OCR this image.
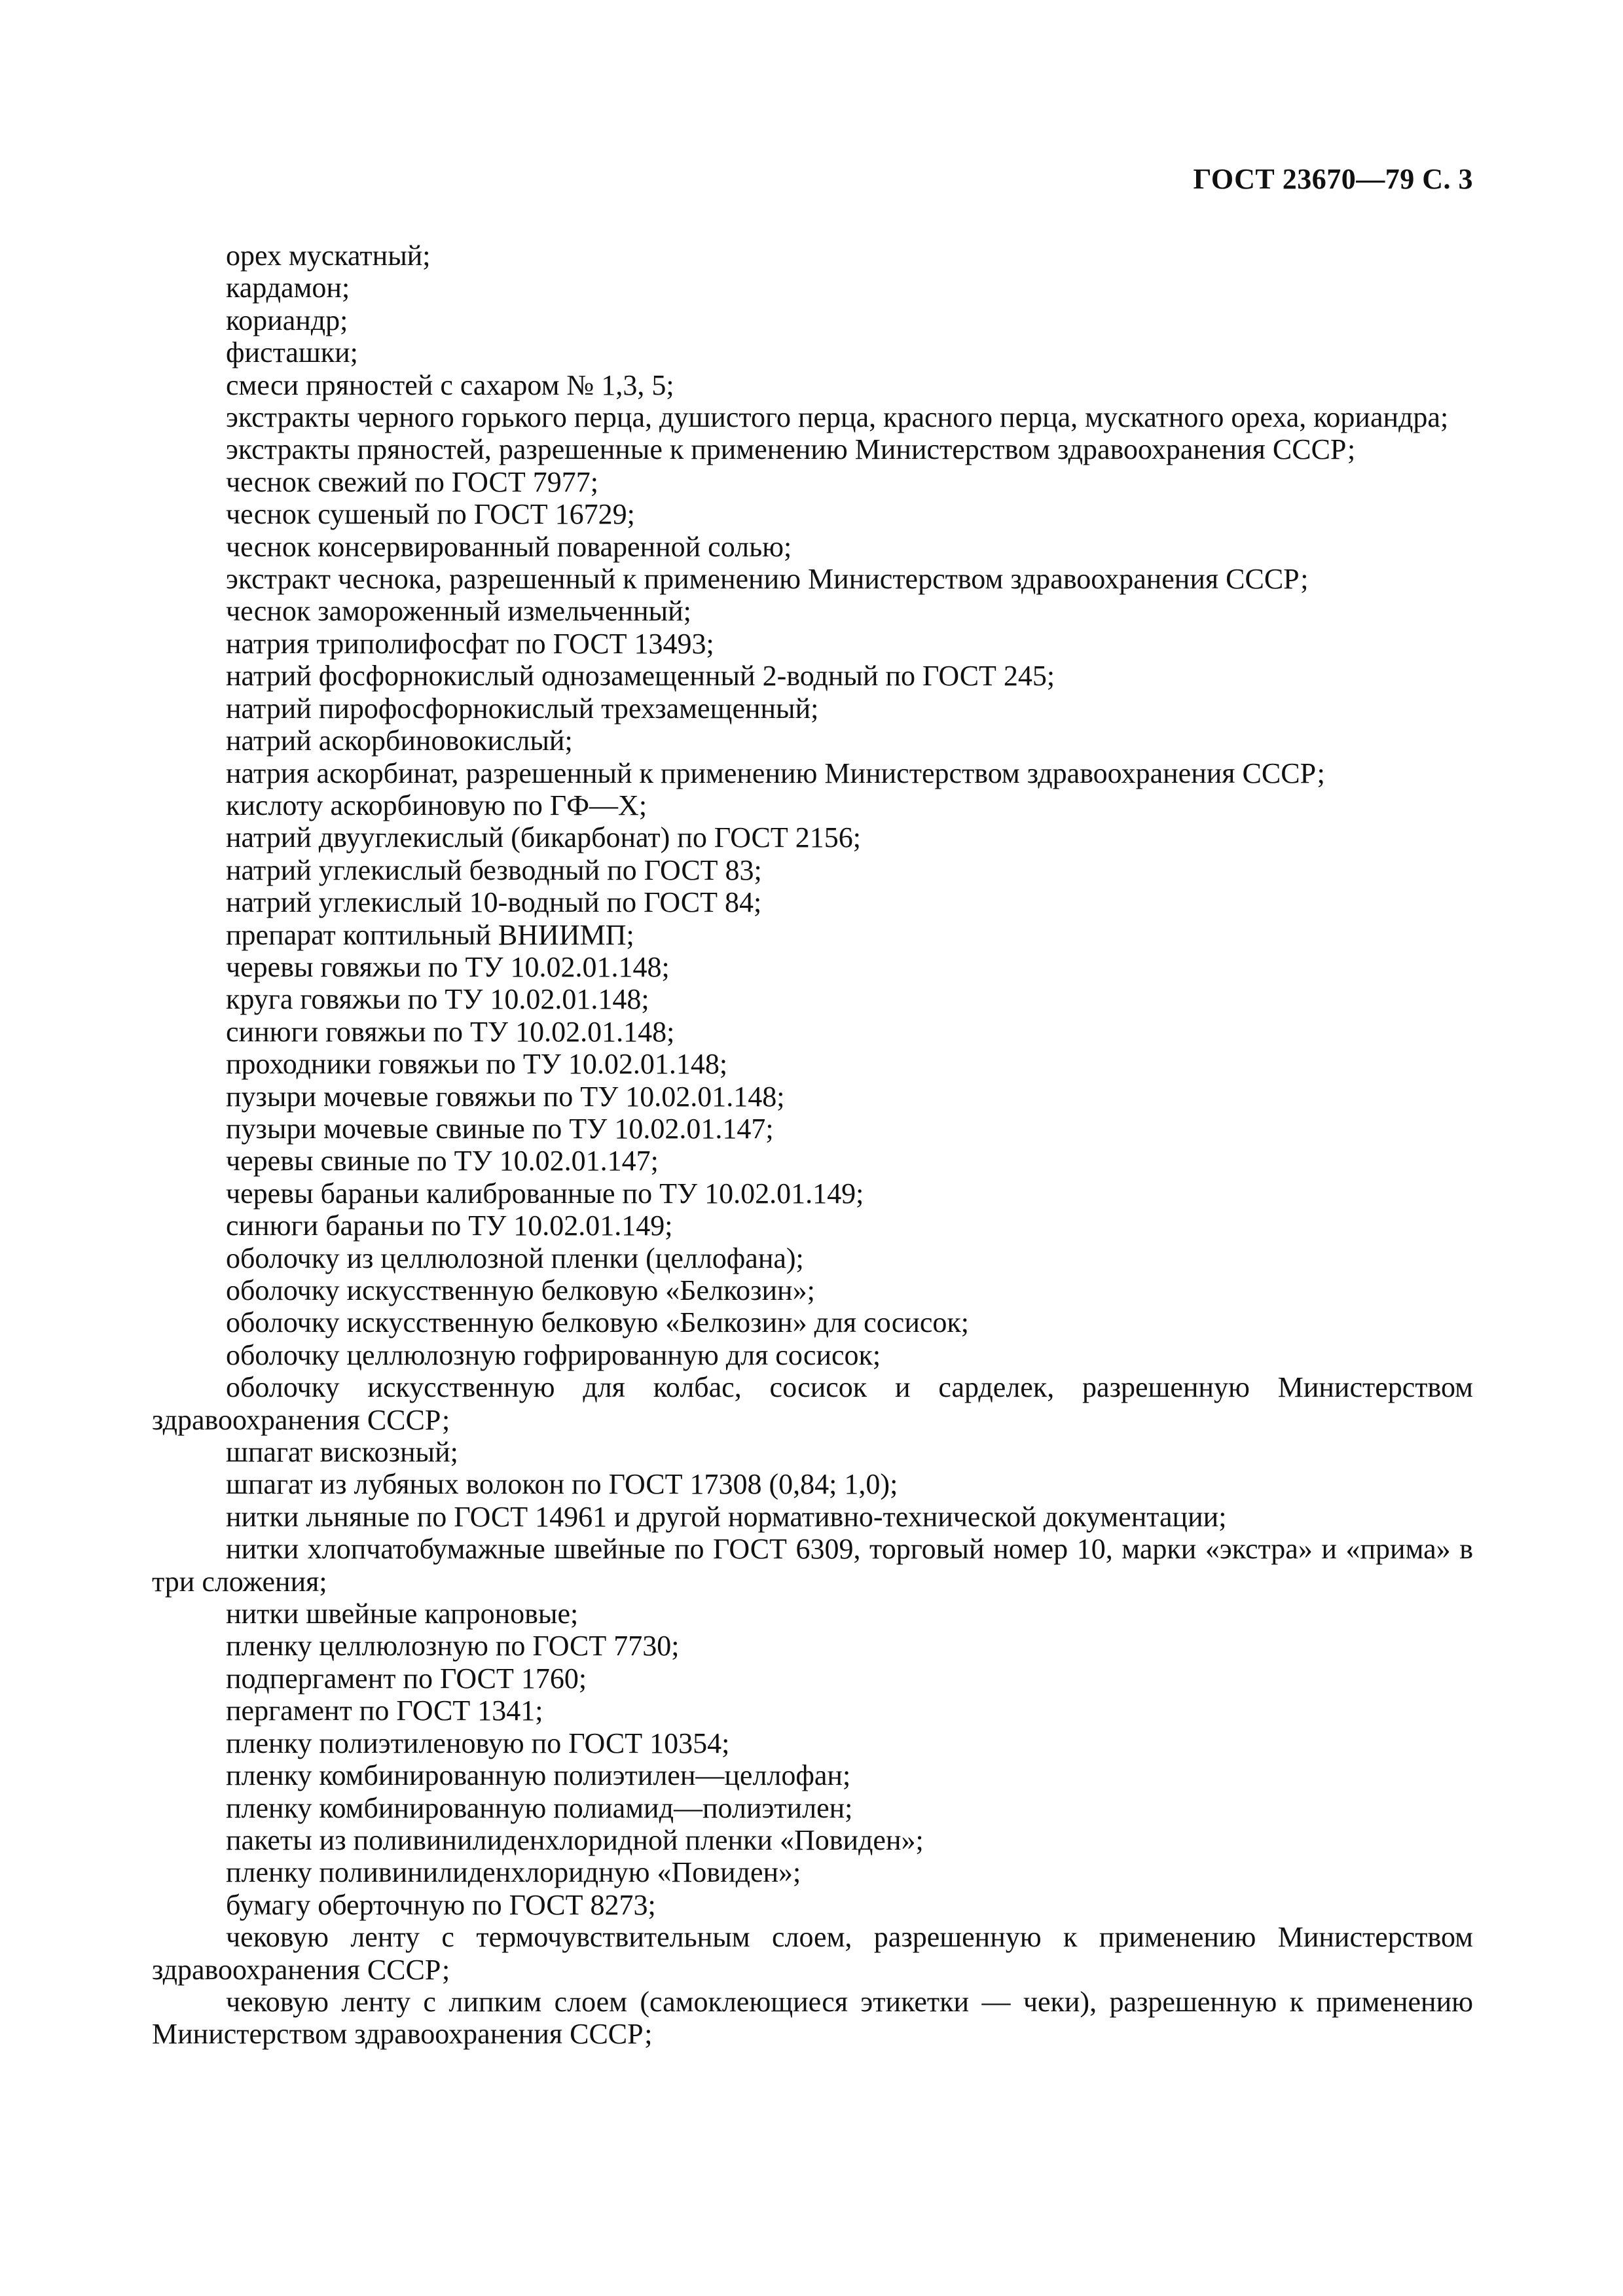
ГОСТ 23670—79 С. 3

орех мускатный;

кардамон;

кориандр;

фисташки;

смеси пряностей с сахаром № 1,3, 5;

экстракты черного горького перца, душистого перца, красного перца, мускатного ореха, кориандра;

экстракты пряностей, разрешенные к применению Министерством здравоохранения СССР;

чеснок свежий по ГОСТ 7977;

чеснок сушеный по ГОСТ 16729;

чеснок консервированный поваренной солью;

экстракт чеснока, разрешенный к применению Министерством здравоохранения СССР;

чеснок замороженный измельченный;

натрия триполифосфат по ГОСТ 13493;

натрий фосфорнокислый однозамещенный 2-водный по ГОСТ 245;

натрий пирофосфорнокислый трехзамещенный;

натрий аскорбиновокислый;

натрия аскорбинат, разрешенный к применению Министерством здравоохранения СССР;

кислоту аскорбиновую по ГФ—X;

натрий двууглекислый (бикарбонат) по ГОСТ 2156;

натрий углекислый безводный по ГОСТ 83;

натрий углекислый 10-водный по ГОСТ 84;

препарат коптильный ВНИИМП;

черевы говяжьи по ТУ 10.02.01.148;

круга говяжьи по ТУ 10.02.01.148;

синюги говяжьи по ТУ 10.02.01.148;

проходники говяжьи по ТУ 10.02.01.148;

пузыри мочевые говяжьи по ТУ 10.02.01.148;

пузыри мочевые свиные по ТУ 10.02.01.147;

черевы свиные по ТУ 10.02.01.147;

черевы бараньи калиброванные по ТУ 10.02.01.149;

синюги бараньи по ТУ 10.02.01.149;

оболочку из целлюлозной пленки (целлофана);

оболочку искусственную белковую «Белкозин»;

оболочку искусственную белковую «Белкозин» для сосисок;

оболочку целлюлозную гофрированную для сосисок;

оболочку искусственную для колбас, сосисок и сарделек, разрешенную Министерством здравоохранения СССР;

шпагат вискозный;

шпагат из лубяных волокон по ГОСТ 17308 (0,84; 1,0);

нитки льняные по ГОСТ 14961 и другой нормативно-технической документации;

нитки хлопчатобумажные швейные по ГОСТ 6309, торговый номер 10, марки «экстра» и «прима» в три сложения;

нитки швейные капроновые;

пленку целлюлозную по ГОСТ 7730;

подпергамент по ГОСТ 1760;

пергамент по ГОСТ 1341;

пленку полиэтиленовую по ГОСТ 10354;

пленку комбинированную полиэтилен—целлофан;

пленку комбинированную полиамид—полиэтилен;

пакеты из поливинилиденхлоридной пленки «Повиден»;

пленку поливинилиденхлоридную «Повиден»;

бумагу оберточную по ГОСТ 8273;

чековую ленту с термочувствительным слоем, разрешенную к применению Министерством здравоохранения СССР;

чековую ленту с липким слоем (самоклеющиеся этикетки — чеки), разрешенную к применению Министерством здравоохранения СССР;
